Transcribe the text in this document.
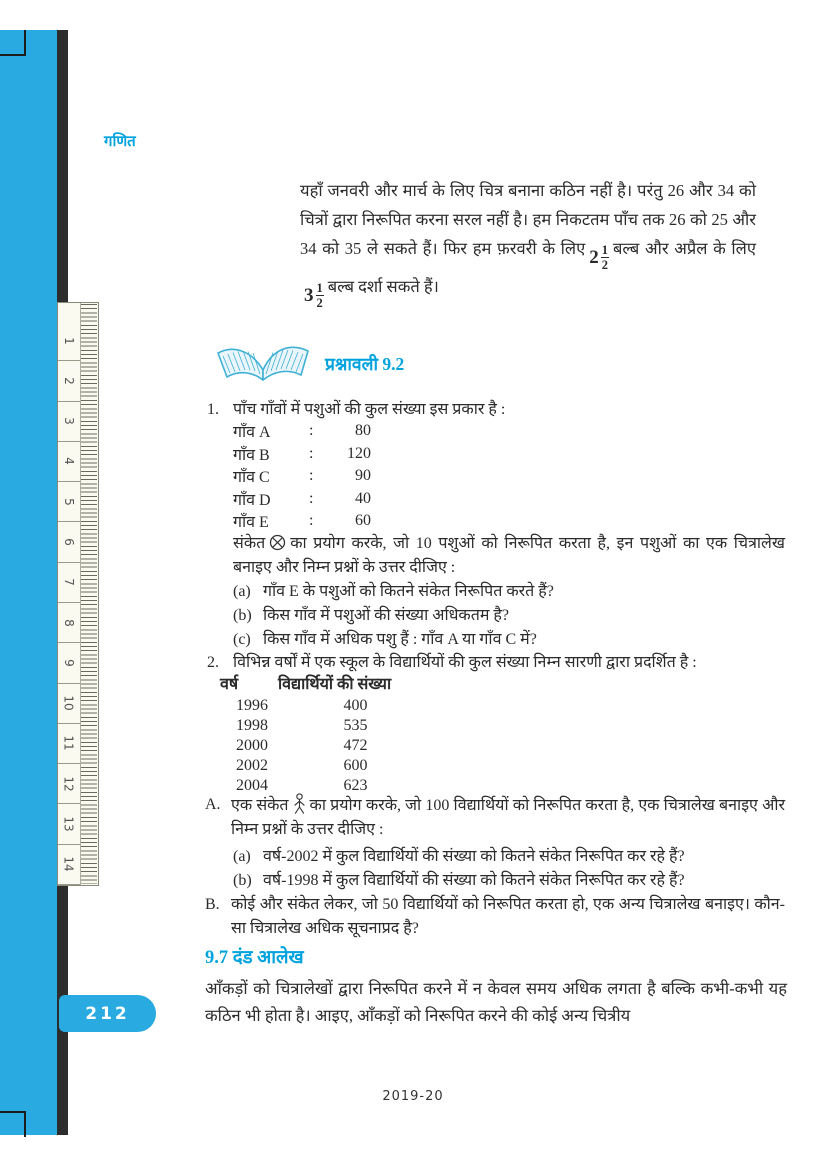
1
2
3
4
5
6
7
8
9
10
11
12
13
14
212
गणित
यहाँ जनवरी और मार्च के लिए चित्र बनाना कठिन नहीं है। परंतु 26 और 34 को चित्रों द्वारा निरूपित करना सरल नहीं है। हम निकटतम पाँच तक 26 को 25 और 34 को 35 ले सकते हैं। फिर हम फ़रवरी के लिए $2 \frac{1}{2}$ बल्ब और अप्रैल के लिए
$3 \frac{1}{2}$ बल्ब दर्शा सकते हैं।
प्रश्नावली 9.2
1. पाँच गाँवों में पशुओं की कुल संख्या इस प्रकार है :
गाँव A	:	80
गाँव B	:	120
गाँव C	:	90
गाँव D	:	40
गाँव E	:	60
संकेत का प्रयोग करके, जो 10 पशुओं को निरूपित करता है, इन पशुओं का एक चित्रालेख बनाइए और निम्न प्रश्नों के उत्तर दीजिए :
(a) गाँव E के पशुओं को कितने संकेत निरूपित करते हैं?
(b) किस गाँव में पशुओं की संख्या अधिकतम है?
(c) किस गाँव में अधिक पशु हैं : गाँव A या गाँव C में?
2. विभिन्न वर्षों में एक स्कूल के विद्यार्थियों की कुल संख्या निम्न सारणी द्वारा प्रदर्शित है :
वर्ष	विद्यार्थियों की संख्या
1996	400
1998	535
2000	472
2002	600
2004	623
A. एक संकेत का प्रयोग करके, जो 100 विद्यार्थियों को निरूपित करता है, एक चित्रालेख बनाइए और निम्न प्रश्नों के उत्तर दीजिए :
(a) वर्ष-2002 में कुल विद्यार्थियों की संख्या को कितने संकेत निरूपित कर रहे हैं?
(b) वर्ष-1998 में कुल विद्यार्थियों की संख्या को कितने संकेत निरूपित कर रहे हैं?
B. कोई और संकेत लेकर, जो 50 विद्यार्थियों को निरूपित करता हो, एक अन्य चित्रालेख बनाइए। कौन-सा चित्रालेख अधिक सूचनाप्रद है?
9.7 दंड आलेख
आँकड़ों को चित्रालेखों द्वारा निरूपित करने में न केवल समय अधिक लगता है बल्कि कभी-कभी यह कठिन भी होता है। आइए, आँकड़ों को निरूपित करने की कोई अन्य चित्रीय
2019-20
